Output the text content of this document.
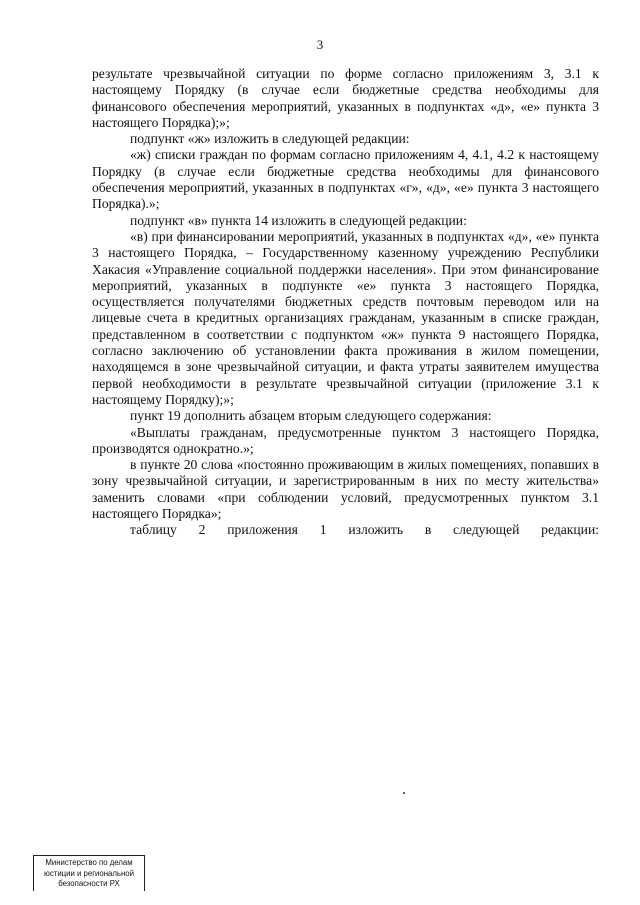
3

результате чрезвычайной ситуации по форме согласно приложениям 3, 3.1 к настоящему Порядку (в случае если бюджетные средства необходимы для финансового обеспечения мероприятий, указанных в подпунктах «д», «е» пункта 3 настоящего Порядка);»;

подпункт «ж» изложить в следующей редакции:

«ж) списки граждан по формам согласно приложениям 4, 4.1, 4.2 к настоящему Порядку (в случае если бюджетные средства необходимы для финансового обеспечения мероприятий, указанных в подпунктах «г», «д», «е» пункта 3 настоящего Порядка).»;

подпункт «в» пункта 14 изложить в следующей редакции:

«в) при финансировании мероприятий, указанных в подпунктах «д», «е» пункта 3 настоящего Порядка, – Государственному казенному учреждению Республики Хакасия «Управление социальной поддержки населения». При этом финансирование мероприятий, указанных в подпункте «е» пункта 3 настоящего Порядка, осуществляется получателями бюджетных средств почтовым переводом или на лицевые счета в кредитных организациях гражданам, указанным в списке граждан, представленном в соответствии с подпунктом «ж» пункта 9 настоящего Порядка, согласно заключению об установлении факта проживания в жилом помещении, находящемся в зоне чрезвычайной ситуации, и факта утраты заявителем имущества первой необходимости в результате чрезвычайной ситуации (приложение 3.1 к настоящему Порядку);»;

пункт 19 дополнить абзацем вторым следующего содержания:

«Выплаты гражданам, предусмотренные пунктом 3 настоящего Порядка, производятся однократно.»;

в пункте 20 слова «постоянно проживающим в жилых помещениях, попавших в зону чрезвычайной ситуации, и зарегистрированным в них по месту жительства» заменить словами «при соблюдении условий, предусмотренных пунктом 3.1 настоящего Порядка»;

таблицу 2 приложения 1 изложить в следующей редакции:

Министерство по делам
юстиции и региональной
безопасности РХ
